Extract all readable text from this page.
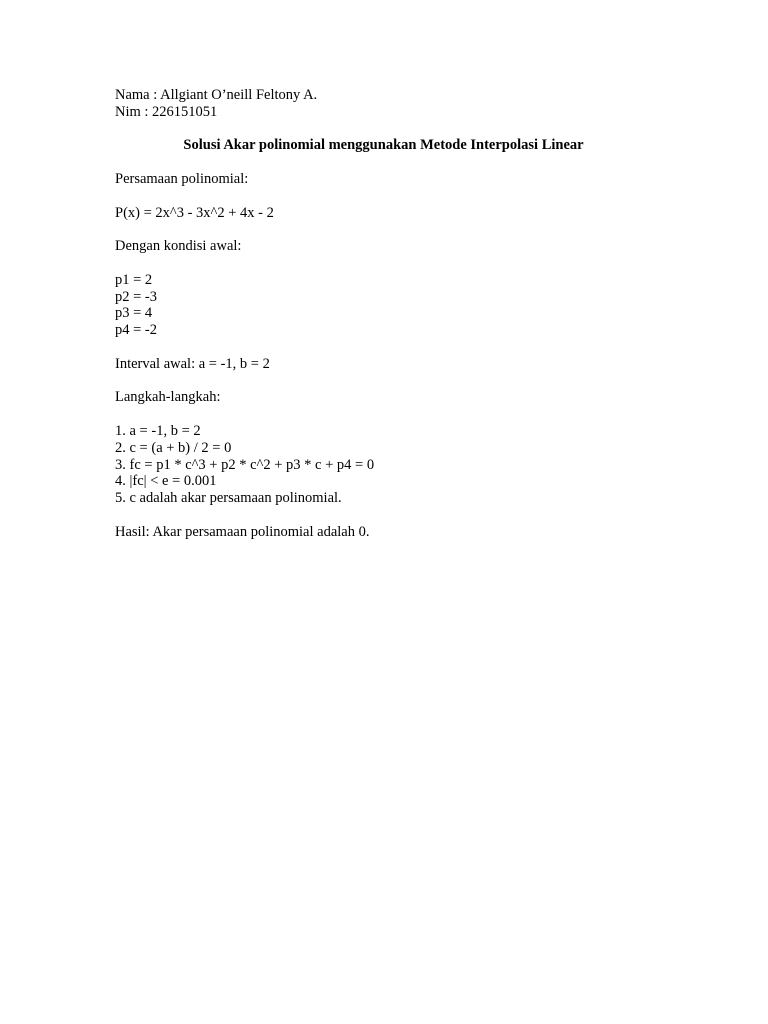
Nama : Allgiant O’neill Feltony A.
Nim : 226151051
Solusi Akar polinomial menggunakan Metode Interpolasi Linear
Persamaan polinomial:
P(x) = 2x^3 - 3x^2 + 4x - 2
Dengan kondisi awal:
p1 = 2
p2 = -3
p3 = 4
p4 = -2
Interval awal: a = -1, b = 2
Langkah-langkah:
1. a = -1, b = 2
2. c = (a + b) / 2 = 0
3. fc = p1 * c^3 + p2 * c^2 + p3 * c + p4 = 0
4. |fc| < e = 0.001
5. c adalah akar persamaan polinomial.
Hasil: Akar persamaan polinomial adalah 0.
